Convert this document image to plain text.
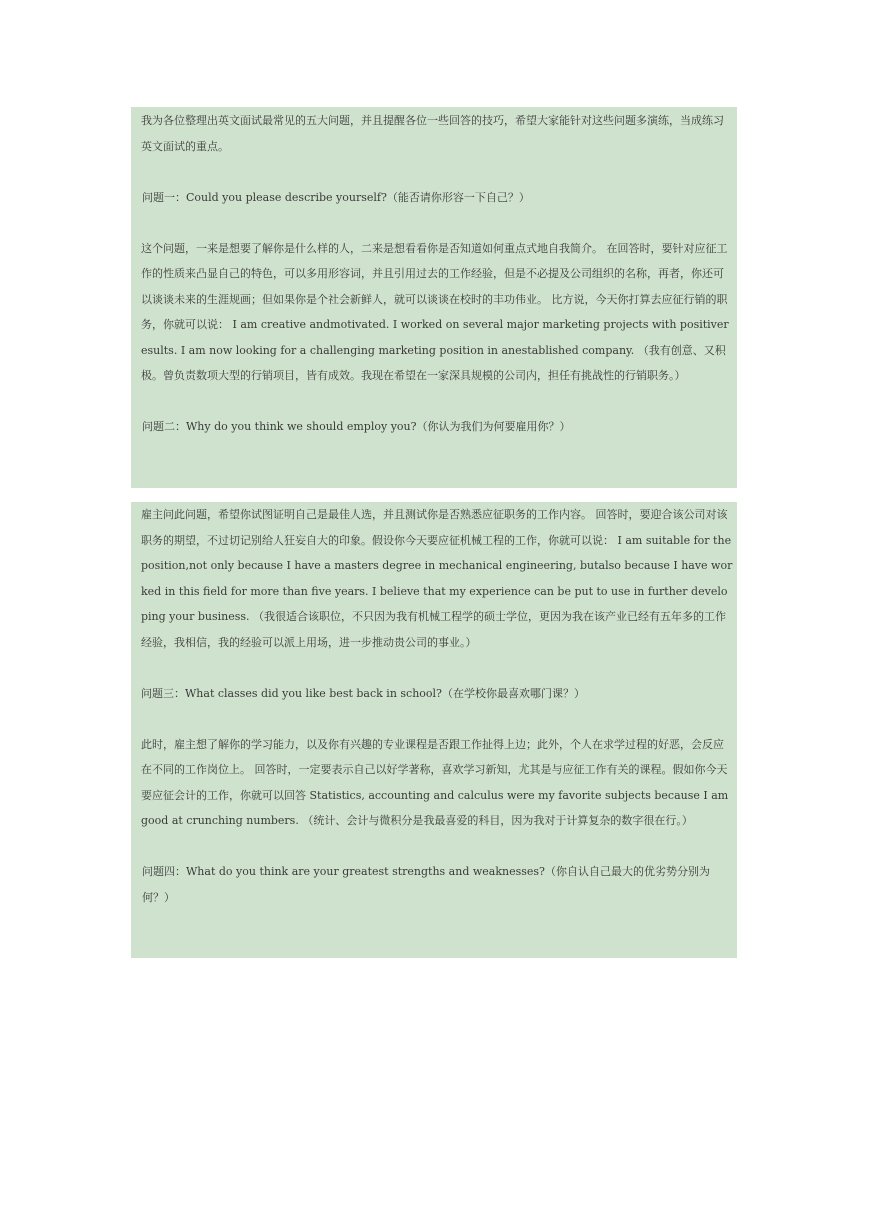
我为各位整理出英文面试最常见的五大问题，并且提醒各位一些回答的技巧，希望大家能针对这些问题多演练，当成练习英文面试的重点。

问题一：Could you please describe yourself?（能否请你形容一下自己？）

这个问题，一来是想要了解你是什么样的人，二来是想看看你是否知道如何重点式地自我简介。 在回答时，要针对应征工作的性质来凸显自己的特色，可以多用形容词，并且引用过去的工作经验，但是不必提及公司组织的名称，再者，你还可以谈谈未来的生涯规画；但如果你是个社会新鲜人，就可以谈谈在校时的丰功伟业。 比方说，今天你打算去应征行销的职务，你就可以说： I am creative andmotivated. I worked on several major marketing projects with positiveresults. I am now looking for a challenging marketing position in anestablished company. （我有创意、又积极。曾负责数项大型的行销项目，皆有成效。我现在希望在一家深具规模的公司内，担任有挑战性的行销职务。）

问题二：Why do you think we should employ you?（你认为我们为何要雇用你？）

雇主问此问题，希望你试图证明自己是最佳人选，并且测试你是否熟悉应征职务的工作内容。 回答时，要迎合该公司对该职务的期望，不过切记别给人狂妄自大的印象。假设你今天要应征机械工程的工作，你就可以说： I am suitable for the position,not only because I have a masters degree in mechanical engineering, butalso because I have worked in this field for more than five years. I believe that my experience can be put to use in further developing your business. （我很适合该职位，不只因为我有机械工程学的硕士学位，更因为我在该产业已经有五年多的工作经验，我相信，我的经验可以派上用场，进一步推动贵公司的事业。）

问题三：What classes did you like best back in school?（在学校你最喜欢哪门课？）

此时，雇主想了解你的学习能力，以及你有兴趣的专业课程是否跟工作扯得上边；此外，个人在求学过程的好恶，会反应在不同的工作岗位上。 回答时，一定要表示自己以好学著称，喜欢学习新知，尤其是与应征工作有关的课程。假如你今天要应征会计的工作，你就可以回答 Statistics, accounting and calculus were my favorite subjects because I am good at crunching numbers. （统计、会计与微积分是我最喜爱的科目，因为我对于计算复杂的数字很在行。）

问题四：What do you think are your greatest strengths and weaknesses?（你自认自己最大的优劣势分别为何？）
